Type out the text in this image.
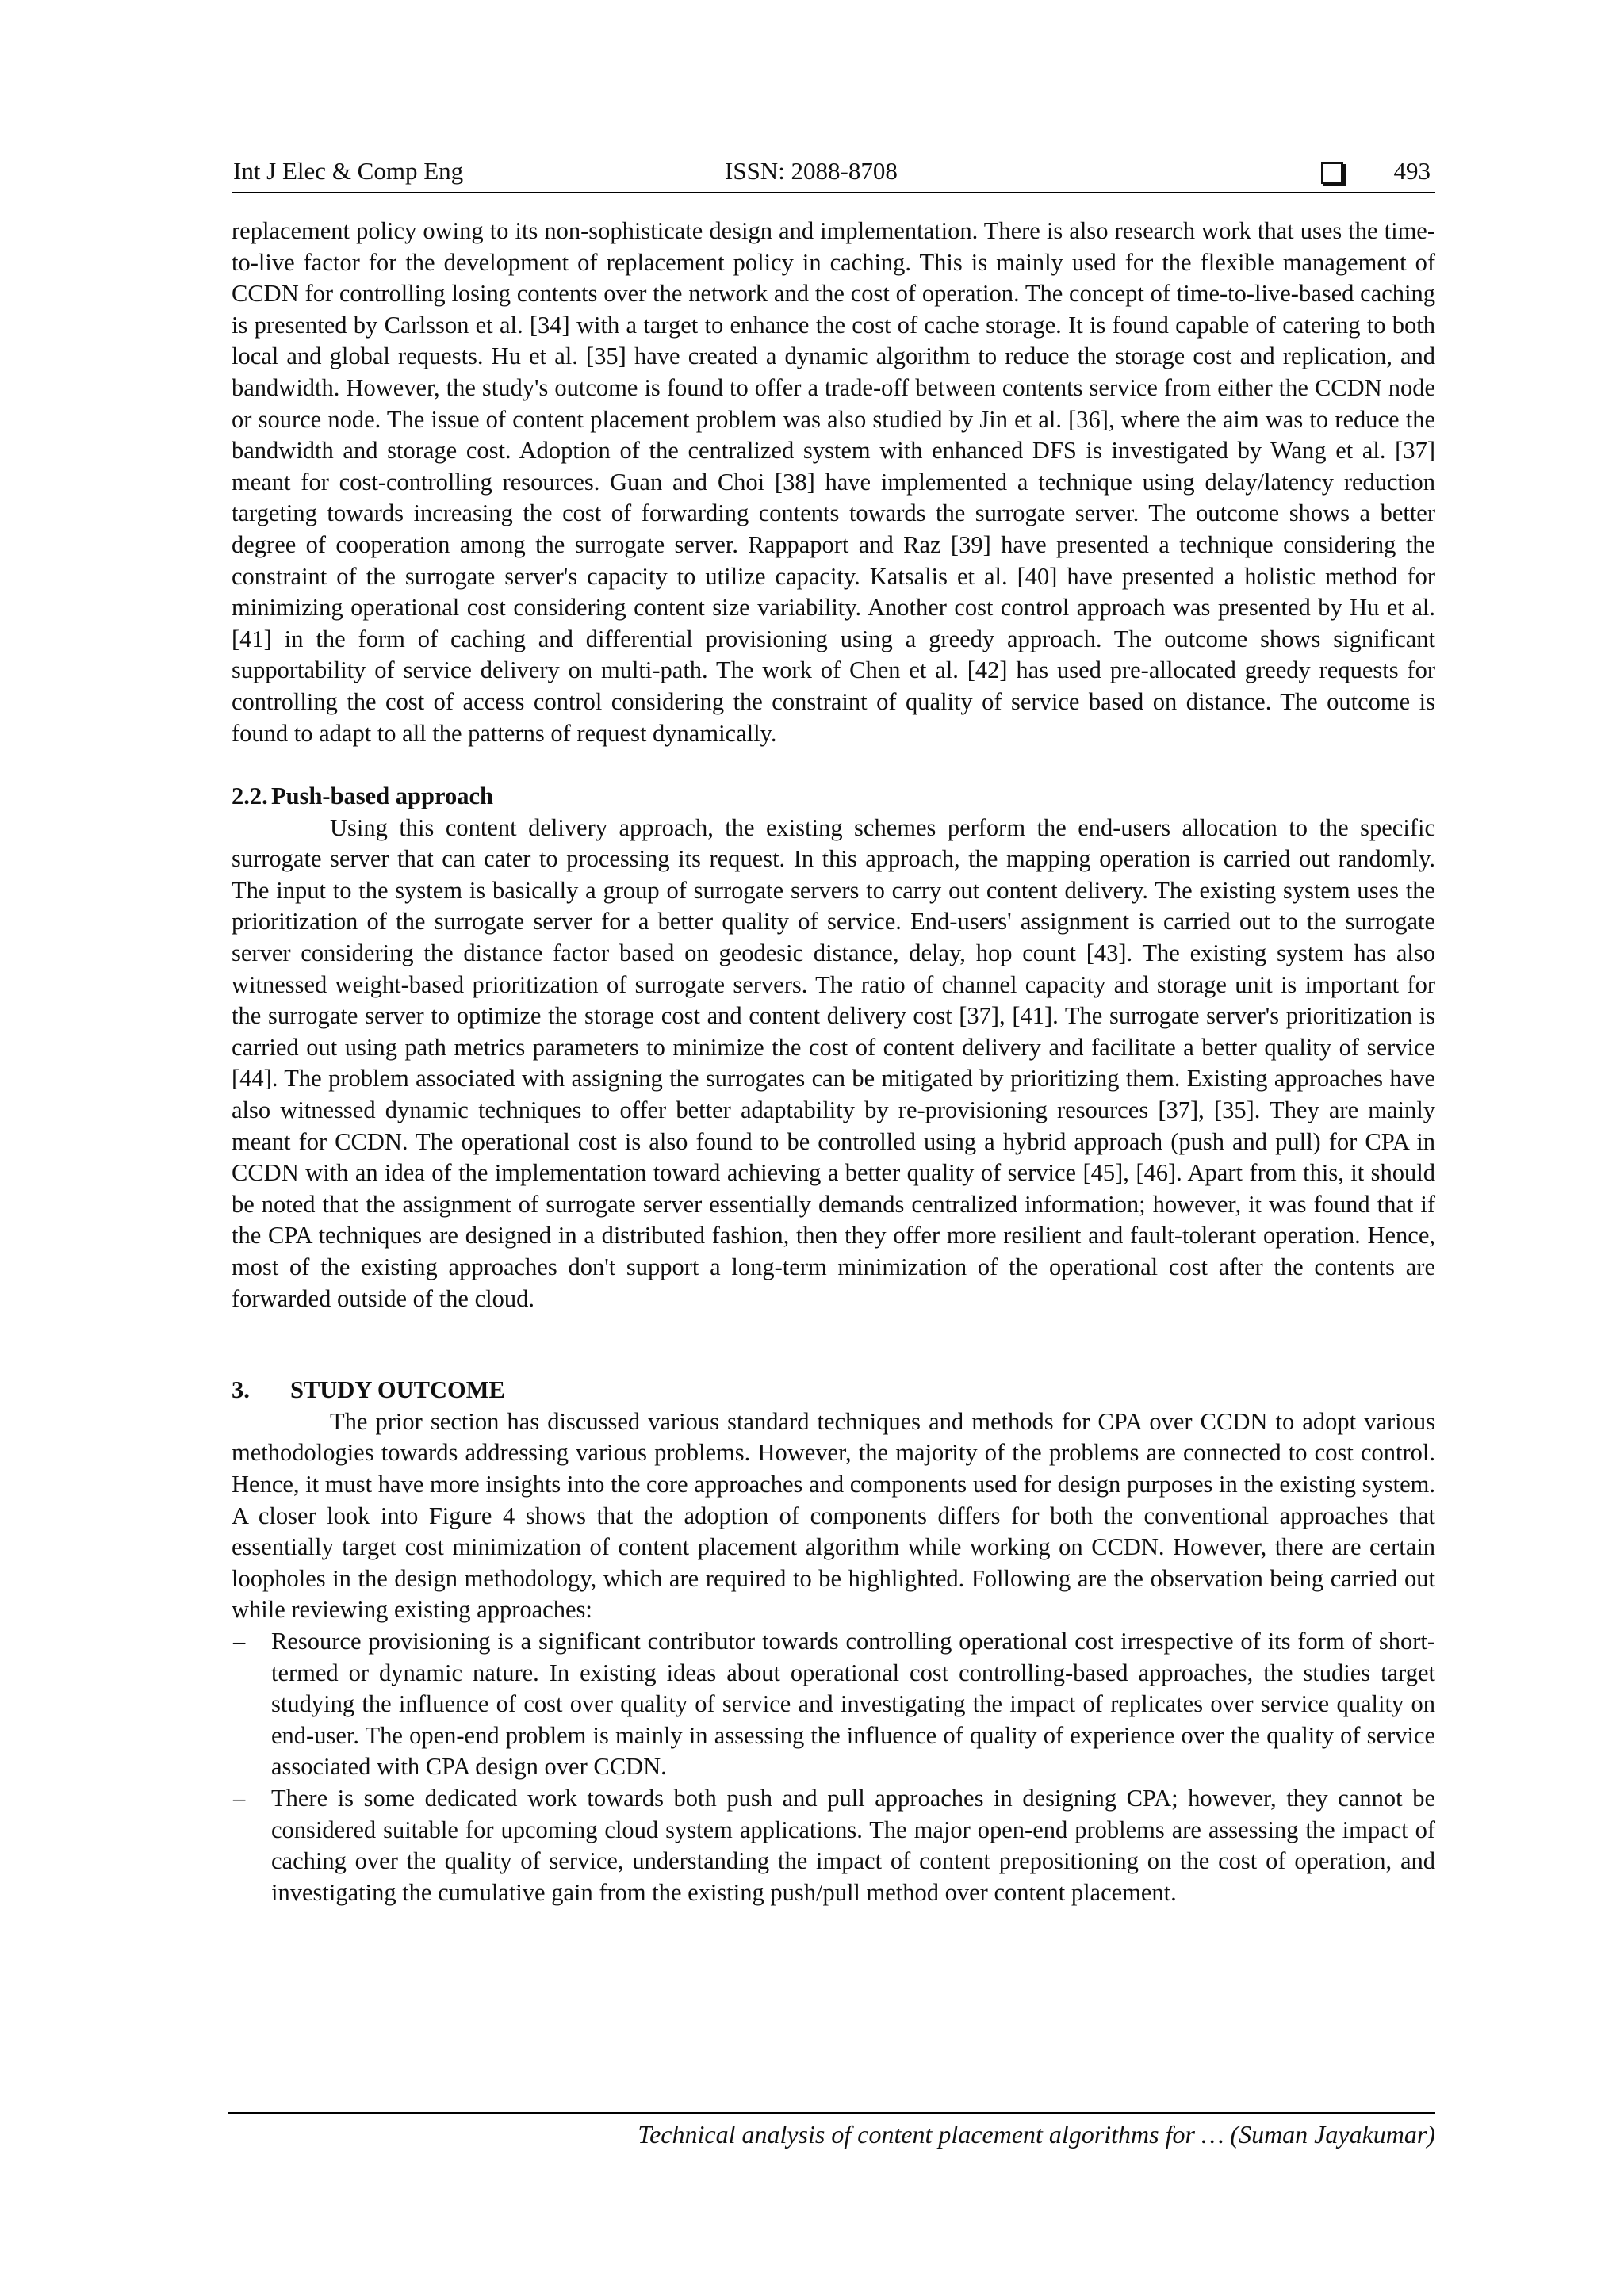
Int J Elec & Comp Eng	ISSN: 2088-8708	493

replacement policy owing to its non-sophisticate design and implementation. There is also research work that uses the time-to-live factor for the development of replacement policy in caching. This is mainly used for the flexible management of CCDN for controlling losing contents over the network and the cost of operation. The concept of time-to-live-based caching is presented by Carlsson et al. [34] with a target to enhance the cost of cache storage. It is found capable of catering to both local and global requests. Hu et al. [35] have created a dynamic algorithm to reduce the storage cost and replication, and bandwidth. However, the study's outcome is found to offer a trade-off between contents service from either the CCDN node or source node. The issue of content placement problem was also studied by Jin et al. [36], where the aim was to reduce the bandwidth and storage cost. Adoption of the centralized system with enhanced DFS is investigated by Wang et al. [37] meant for cost-controlling resources. Guan and Choi [38] have implemented a technique using delay/latency reduction targeting towards increasing the cost of forwarding contents towards the surrogate server. The outcome shows a better degree of cooperation among the surrogate server. Rappaport and Raz [39] have presented a technique considering the constraint of the surrogate server's capacity to utilize capacity. Katsalis et al. [40] have presented a holistic method for minimizing operational cost considering content size variability. Another cost control approach was presented by Hu et al. [41] in the form of caching and differential provisioning using a greedy approach. The outcome shows significant supportability of service delivery on multi-path. The work of Chen et al. [42] has used pre-allocated greedy requests for controlling the cost of access control considering the constraint of quality of service based on distance. The outcome is found to adapt to all the patterns of request dynamically.

2.2. Push-based approach

Using this content delivery approach, the existing schemes perform the end-users allocation to the specific surrogate server that can cater to processing its request. In this approach, the mapping operation is carried out randomly. The input to the system is basically a group of surrogate servers to carry out content delivery. The existing system uses the prioritization of the surrogate server for a better quality of service. End-users' assignment is carried out to the surrogate server considering the distance factor based on geodesic distance, delay, hop count [43]. The existing system has also witnessed weight-based prioritization of surrogate servers. The ratio of channel capacity and storage unit is important for the surrogate server to optimize the storage cost and content delivery cost [37], [41]. The surrogate server's prioritization is carried out using path metrics parameters to minimize the cost of content delivery and facilitate a better quality of service [44]. The problem associated with assigning the surrogates can be mitigated by prioritizing them. Existing approaches have also witnessed dynamic techniques to offer better adaptability by re-provisioning resources [37], [35]. They are mainly meant for CCDN. The operational cost is also found to be controlled using a hybrid approach (push and pull) for CPA in CCDN with an idea of the implementation toward achieving a better quality of service [45], [46]. Apart from this, it should be noted that the assignment of surrogate server essentially demands centralized information; however, it was found that if the CPA techniques are designed in a distributed fashion, then they offer more resilient and fault-tolerant operation. Hence, most of the existing approaches don't support a long-term minimization of the operational cost after the contents are forwarded outside of the cloud.

3. STUDY OUTCOME

The prior section has discussed various standard techniques and methods for CPA over CCDN to adopt various methodologies towards addressing various problems. However, the majority of the problems are connected to cost control. Hence, it must have more insights into the core approaches and components used for design purposes in the existing system. A closer look into Figure 4 shows that the adoption of components differs for both the conventional approaches that essentially target cost minimization of content placement algorithm while working on CCDN. However, there are certain loopholes in the design methodology, which are required to be highlighted. Following are the observation being carried out while reviewing existing approaches:

– Resource provisioning is a significant contributor towards controlling operational cost irrespective of its form of short-termed or dynamic nature. In existing ideas about operational cost controlling-based approaches, the studies target studying the influence of cost over quality of service and investigating the impact of replicates over service quality on end-user. The open-end problem is mainly in assessing the influence of quality of experience over the quality of service associated with CPA design over CCDN.
– There is some dedicated work towards both push and pull approaches in designing CPA; however, they cannot be considered suitable for upcoming cloud system applications. The major open-end problems are assessing the impact of caching over the quality of service, understanding the impact of content prepositioning on the cost of operation, and investigating the cumulative gain from the existing push/pull method over content placement.
Technical analysis of content placement algorithms for … (Suman Jayakumar)
